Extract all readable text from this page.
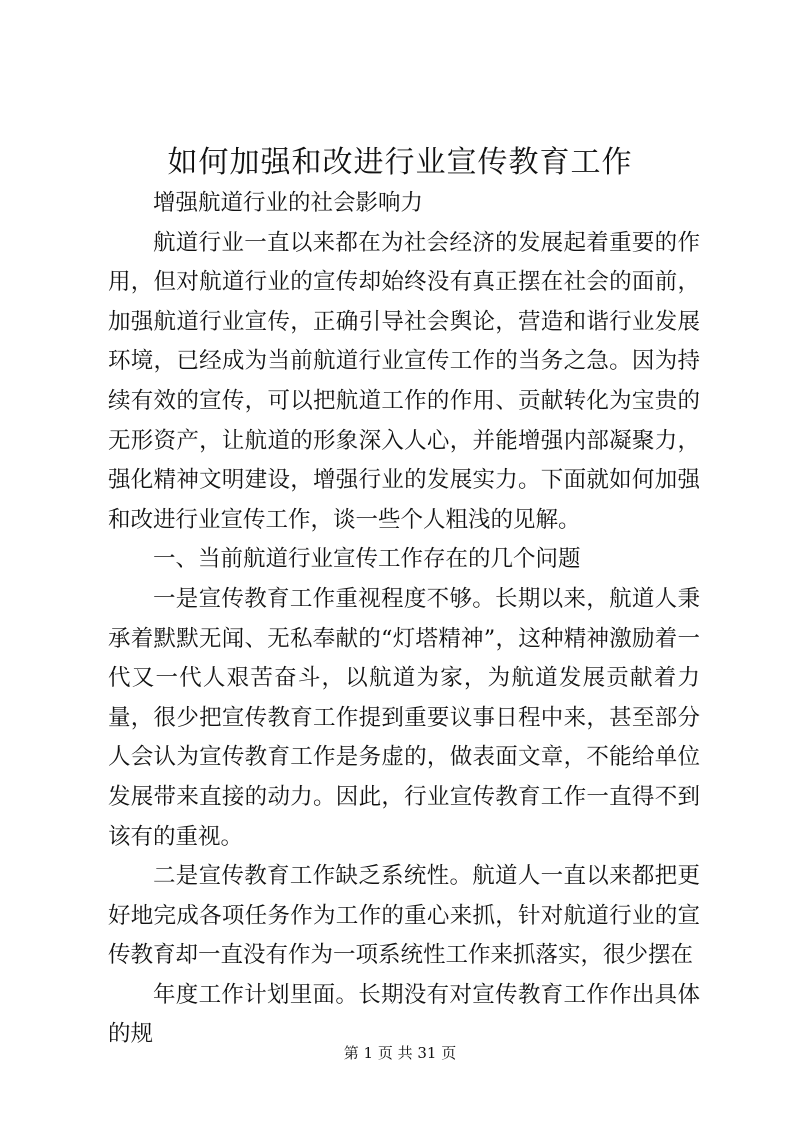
如何加强和改进行业宣传教育工作

增强航道行业的社会影响力

航道行业一直以来都在为社会经济的发展起着重要的作用，但对航道行业的宣传却始终没有真正摆在社会的面前，加强航道行业宣传，正确引导社会舆论，营造和谐行业发展环境，已经成为当前航道行业宣传工作的当务之急。因为持续有效的宣传，可以把航道工作的作用、贡献转化为宝贵的无形资产，让航道的形象深入人心，并能增强内部凝聚力，强化精神文明建设，增强行业的发展实力。下面就如何加强和改进行业宣传工作，谈一些个人粗浅的见解。

一、当前航道行业宣传工作存在的几个问题

一是宣传教育工作重视程度不够。长期以来，航道人秉承着默默无闻、无私奉献的“灯塔精神”，这种精神激励着一代又一代人艰苦奋斗，以航道为家，为航道发展贡献着力量，很少把宣传教育工作提到重要议事日程中来，甚至部分人会认为宣传教育工作是务虚的，做表面文章，不能给单位发展带来直接的动力。因此，行业宣传教育工作一直得不到该有的重视。

二是宣传教育工作缺乏系统性。航道人一直以来都把更好地完成各项任务作为工作的重心来抓，针对航道行业的宣传教育却一直没有作为一项系统性工作来抓落实，很少摆在

年度工作计划里面。长期没有对宣传教育工作作出具体的规

第 1 页 共 31 页
